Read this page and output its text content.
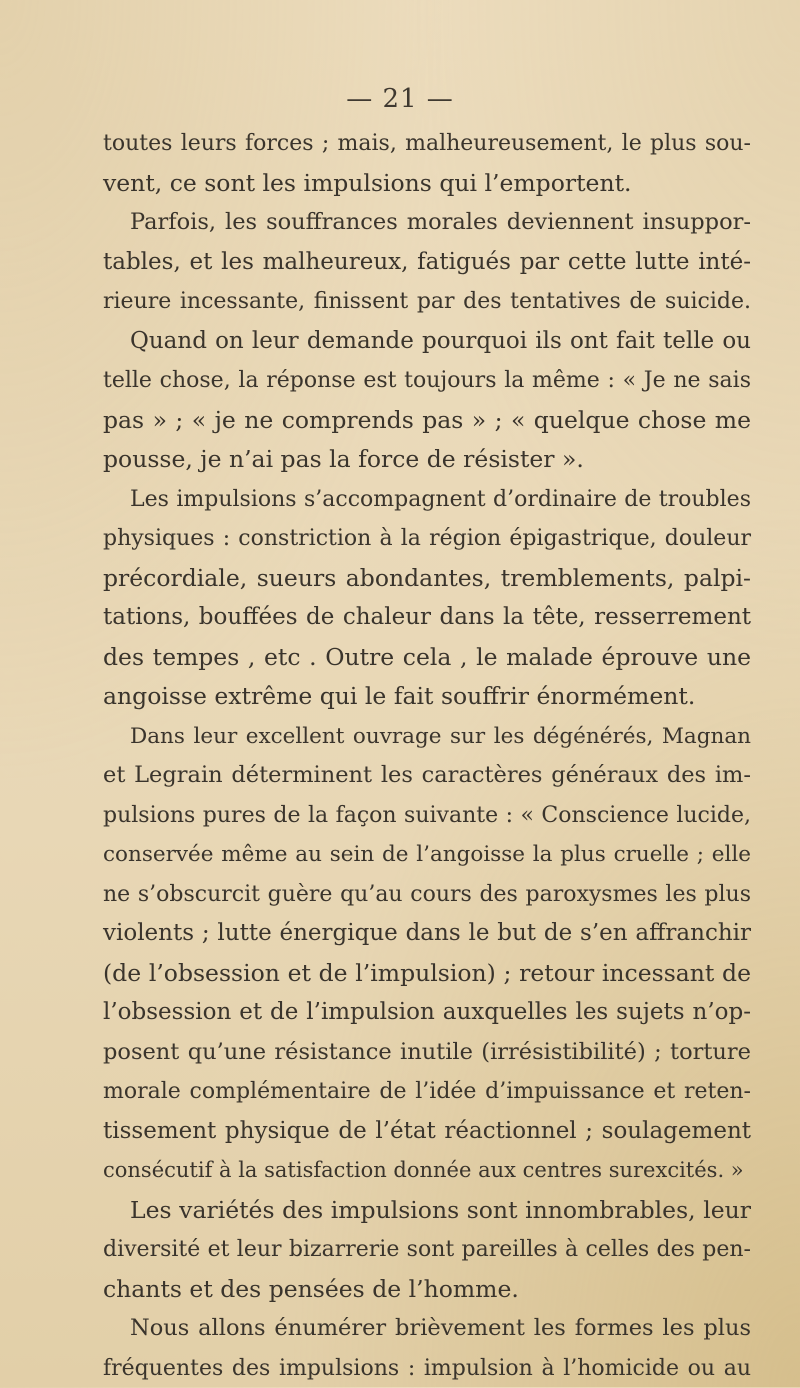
— 21 —
toutes leurs forces ; mais, malheureusement, le plus sou-
vent, ce sont les impulsions qui l’emportent.
Parfois, les souffrances morales deviennent insuppor-
tables, et les malheureux, fatigués par cette lutte inté-
rieure incessante, finissent par des tentatives de suicide.
Quand on leur demande pourquoi ils ont fait telle ou
telle chose, la réponse est toujours la même : « Je ne sais
pas » ; « je ne comprends pas » ; « quelque chose me
pousse, je n’ai pas la force de résister ».
Les impulsions s’accompagnent d’ordinaire de troubles
physiques : constriction à la région épigastrique, douleur
précordiale, sueurs abondantes, tremblements, palpi-
tations, bouffées de chaleur dans la tête, resserrement
des tempes , etc . Outre cela , le malade éprouve une
angoisse extrême qui le fait souffrir énormément.
Dans leur excellent ouvrage sur les dégénérés, Magnan
et Legrain déterminent les caractères généraux des im-
pulsions pures de la façon suivante : « Conscience lucide,
conservée même au sein de l’angoisse la plus cruelle ; elle
ne s’obscurcit guère qu’au cours des paroxysmes les plus
violents ; lutte énergique dans le but de s’en affranchir
(de l’obsession et de l’impulsion) ; retour incessant de
l’obsession et de l’impulsion auxquelles les sujets n’op-
posent qu’une résistance inutile (irrésistibilité) ; torture
morale complémentaire de l’idée d’impuissance et reten-
tissement physique de l’état réactionnel ; soulagement
consécutif à la satisfaction donnée aux centres surexcités. »
Les variétés des impulsions sont innombrables, leur
diversité et leur bizarrerie sont pareilles à celles des pen-
chants et des pensées de l’homme.
Nous allons énumérer brièvement les formes les plus
fréquentes des impulsions : impulsion à l’homicide ou au
